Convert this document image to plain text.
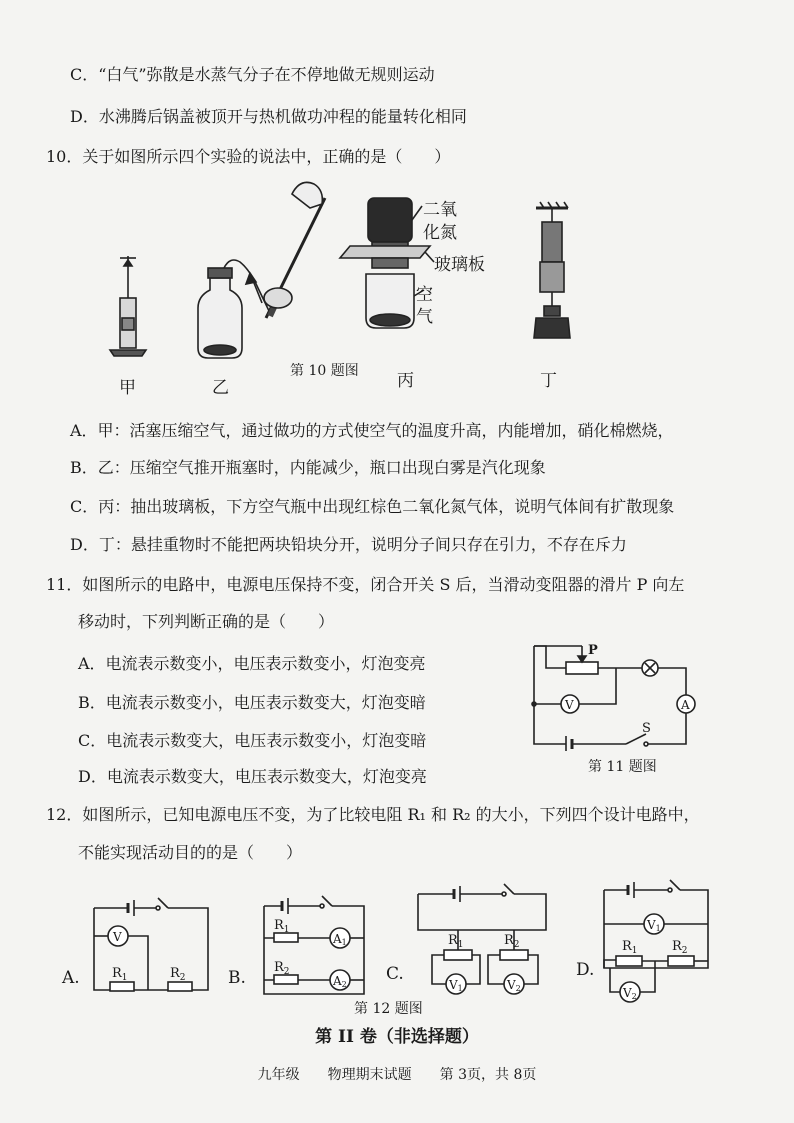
C．“白气”弥散是水蒸气分子在不停地做无规则运动
D．水沸腾后锅盖被顶开与热机做功冲程的能量转化相同
10．关于如图所示四个实验的说法中，正确的是（　　）
二氧
化氮
玻璃板
空
气
甲	乙
第 10 题图 丙	丁
A．甲：活塞压缩空气，通过做功的方式使空气的温度升高，内能增加，硝化棉燃烧，
B．乙：压缩空气推开瓶塞时，内能减少，瓶口出现白雾是汽化现象
C．丙：抽出玻璃板，下方空气瓶中出现红棕色二氧化氮气体，说明气体间有扩散现象
D．丁：悬挂重物时不能把两块铅块分开，说明分子间只存在引力，不存在斥力
11．如图所示的电路中，电源电压保持不变，闭合开关 S 后，当滑动变阻器的滑片 P 向左
移动时，下列判断正确的是（　　）
A．电流表示数变小，电压表示数变小，灯泡变亮
B．电流表示数变小，电压表示数变大，灯泡变暗
C．电流表示数变大，电压表示数变小，灯泡变暗
D．电流表示数变大，电压表示数变大，灯泡变亮
P
S
V	A
第 11 题图
12．如图所示，已知电源电压不变，为了比较电阻 R₁ 和 R₂ 的大小，下列四个设计电路中，
不能实现活动目的的是（　　）
A.
V
$R_1$	$R_2$ B.
$R_1$
$R_2$
A1
A2
C.
$R_1$	$R_2$
V1	V2
D.
V1
$R_1$	$R_2$
V2
第 12 题图
第 II 卷（非选择题）
九年级　　物理期末试题　　第 3页，共 8页
